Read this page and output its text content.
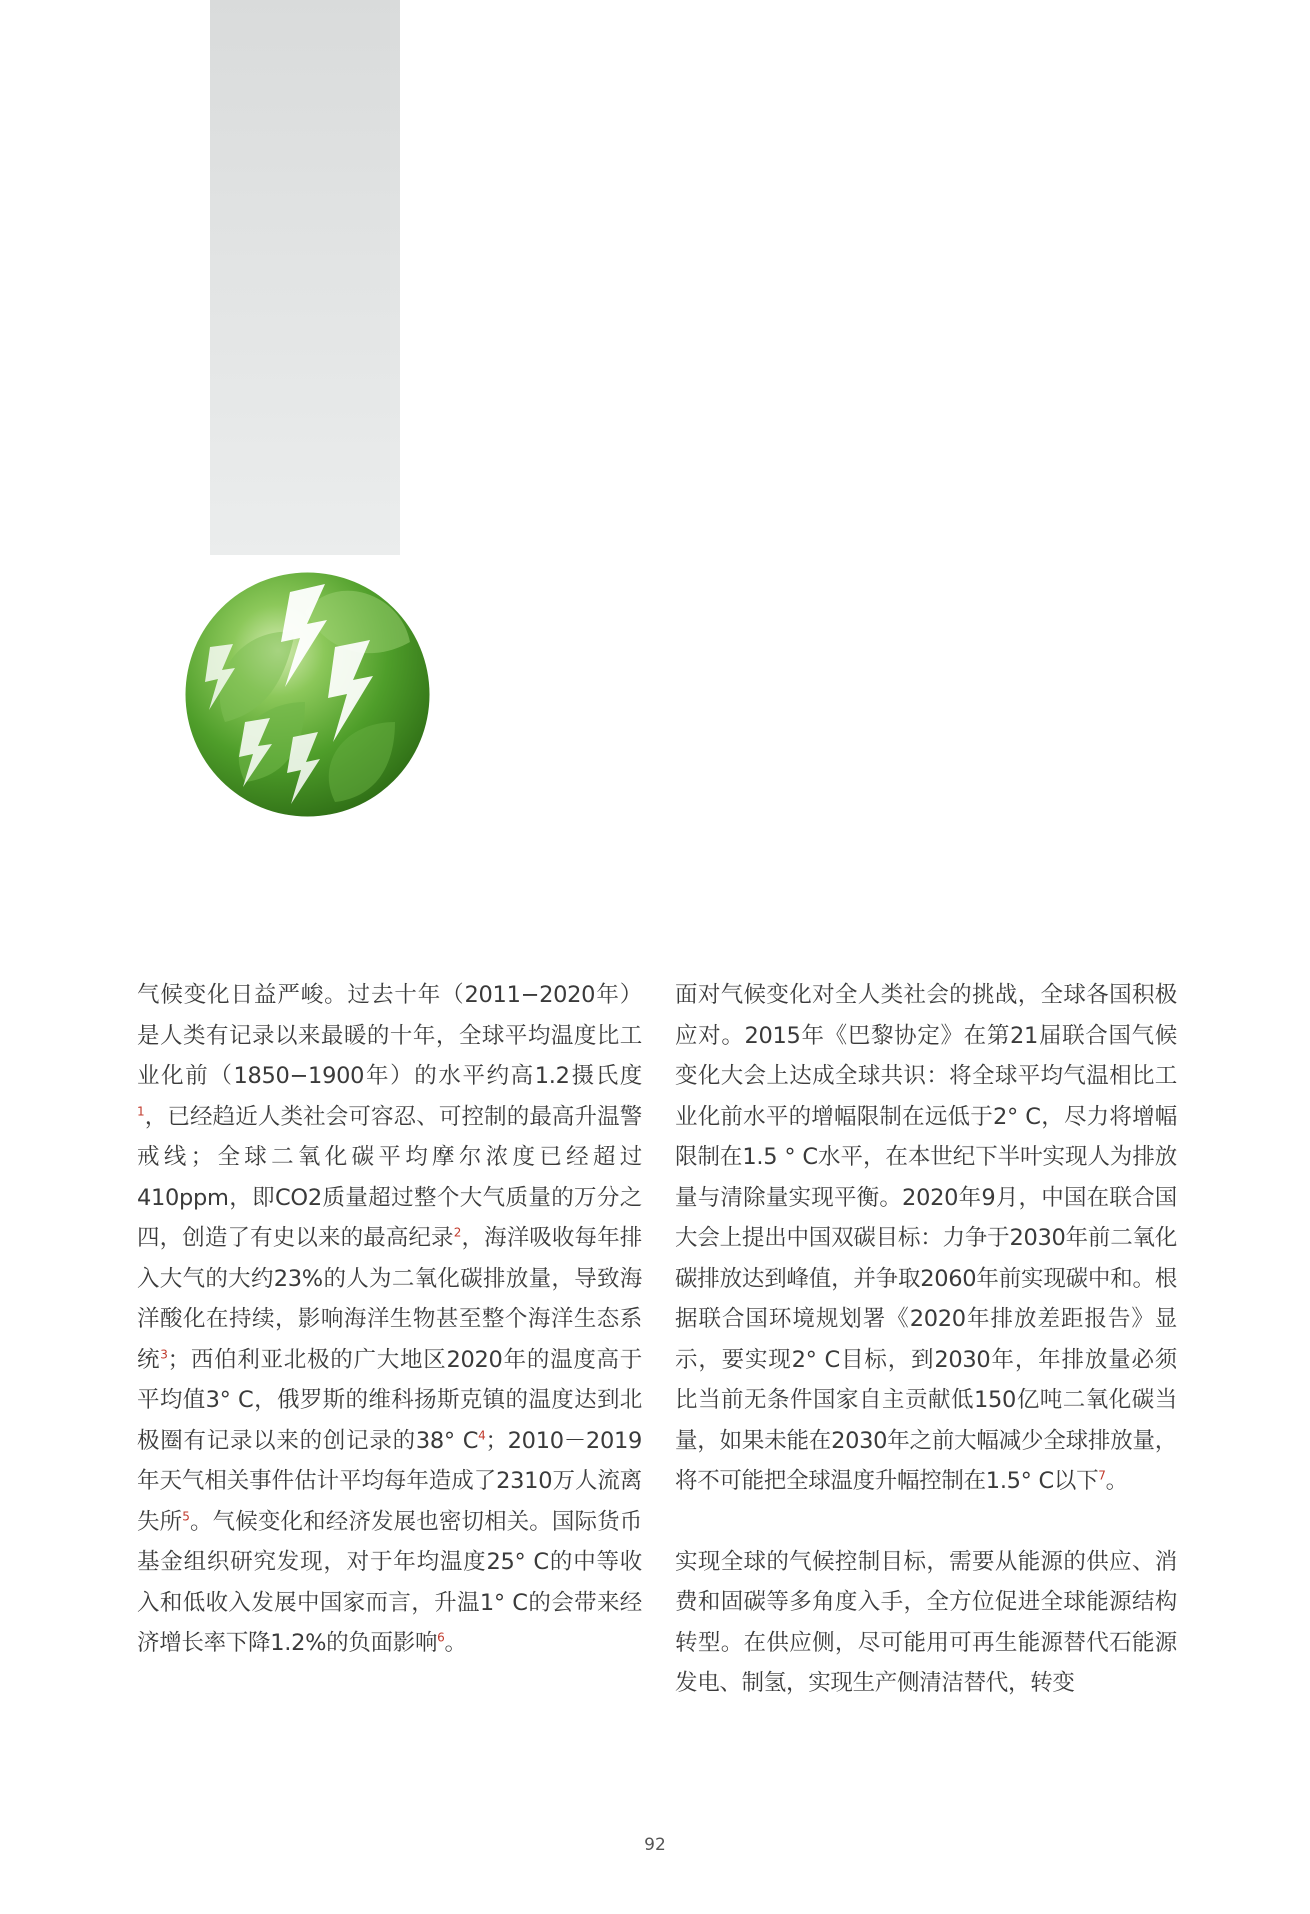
气候变化日益严峻。过去十年（2011−2020年）是人类有记录以来最暖的十年，全球平均温度比工业化前（1850−1900年）的水平约高1.2摄氏度$^1$，已经趋近人类社会可容忍、可控制的最高升温警戒线；全球二氧化碳平均摩尔浓度已经超过410ppm，即CO2质量超过整个大气质量的万分之四，创造了有史以来的最高纪录$^2$，海洋吸收每年排入大气的大约23%的人为二氧化碳排放量，导致海洋酸化在持续，影响海洋生物甚至整个海洋生态系统$^3$；西伯利亚北极的广大地区2020年的温度高于平均值3° C，俄罗斯的维科扬斯克镇的温度达到北极圈有记录以来的创记录的38° $C^4$；2010－2019年天气相关事件估计平均每年造成了2310万人流离失所$^5$。气候变化和经济发展也密切相关。国际货币基金组织研究发现，对于年均温度25° C的中等收入和低收入发展中国家而言，升温1° C的会带来经济增长率下降1.2%的负面影响$^6$。

面对气候变化对全人类社会的挑战，全球各国积极应对。2015年《巴黎协定》在第21届联合国气候变化大会上达成全球共识：将全球平均气温相比工业化前水平的增幅限制在远低于2° C，尽力将增幅限制在1.5 ° C水平，在本世纪下半叶实现人为排放量与清除量实现平衡。2020年9月，中国在联合国大会上提出中国双碳目标：力争于2030年前二氧化碳排放达到峰值，并争取2060年前实现碳中和。根据联合国环境规划署《2020年排放差距报告》显示，要实现2° C目标，到2030年，年排放量必须比当前无条件国家自主贡献低150亿吨二氧化碳当量，如果未能在2030年之前大幅减少全球排放量，将不可能把全球温度升幅控制在1.5° C以下$^7$。

实现全球的气候控制目标，需要从能源的供应、消费和固碳等多角度入手，全方位促进全球能源结构转型。在供应侧，尽可能用可再生能源替代石能源发电、制氢，实现生产侧清洁替代，转变

92
